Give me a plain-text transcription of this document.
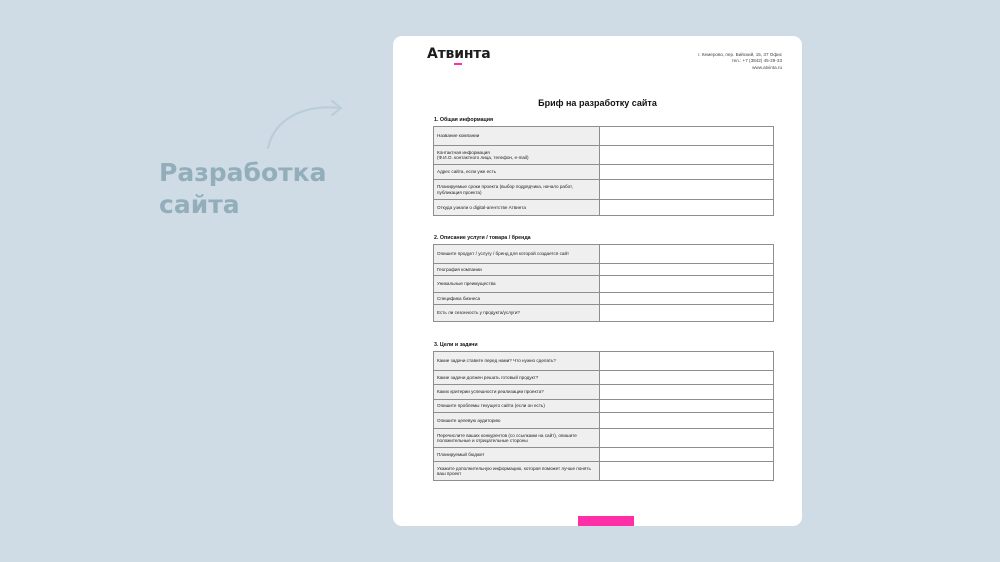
Разработка
сайта
Атвинта	г. Кемерово, пер. Бийский, 15, 37 Офис
тел.: +7 (3842) 45-29-33
www.atvinta.ru
Бриф на разработку сайта
1. Общая информация
Название компании	
Контактная информация
(Ф.И.О. контактного лица, телефон, e-mail)	
Адрес сайта, если уже есть	
Планируемые сроки проекта (выбор подрядчика, начало работ, публикация проекта)	
Откуда узнали о digital-агентстве Атвинта	
2. Описание услуги / товара / бренда
Опишите продукт / услугу / бренд для которой создается сайт	
География компании	
Уникальные преимущества	
Специфика бизнеса	
Есть ли сезонность у продукта/услуги?	
3. Цели и задачи
Какие задачи ставите перед нами? Что нужно сделать?	
Какие задачи должен решать готовый продукт?	
Каких критерии успешности реализации проекта?	
Опишите проблемы текущего сайта (если он есть)	
Опишите целевую аудиторию	
Перечислите ваших конкурентов (со ссылками на сайт), опишите положительные и отрицательные стороны	
Планируемый бюджет	
Укажите дополнительную информацию, которая поможет лучше понять ваш проект	
